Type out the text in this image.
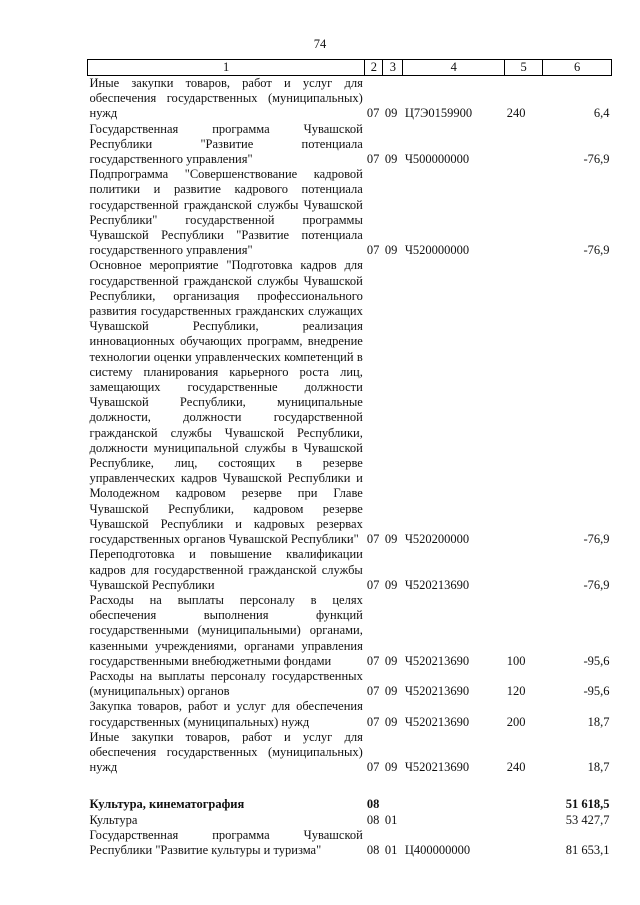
74
1	2	3	4	5	6
Иные закупки товаров, работ и услуг для обеспечения государственных (муниципальных) нужд	07	09	Ц7Э0159900	240	6,4
Государственная программа Чувашской Республики "Развитие потенциала государственного управления"	07	09	Ч500000000		-76,9
Подпрограмма "Совершенствование кадровой политики и развитие кадрового потенциала государственной гражданской службы Чувашской Республики" государственной программы Чувашской Республики "Развитие потенциала государственного управления"	07	09	Ч520000000		-76,9
Основное мероприятие "Подготовка кадров для государственной гражданской службы Чувашской Республики, организация профессионального развития государственных гражданских служащих Чувашской Республики, реализация инновационных обучающих программ, внедрение технологии оценки управленческих компетенций в систему планирования карьерного роста лиц, замещающих государственные должности Чувашской Республики, муниципальные должности, должности государственной гражданской службы Чувашской Республики, должности муниципальной службы в Чувашской Республике, лиц, состоящих в резерве управленческих кадров Чувашской Республики и Молодежном кадровом резерве при Главе Чувашской Республики, кадровом резерве Чувашской Республики и кадровых резервах государственных органов Чувашской Республики"	07	09	Ч520200000		-76,9
Переподготовка и повышение квалификации кадров для государственной гражданской службы Чувашской Республики	07	09	Ч520213690		-76,9
Расходы на выплаты персоналу в целях обеспечения выполнения функций государственными (муниципальными) органами, казенными учреждениями, органами управления государственными внебюджетными фондами	07	09	Ч520213690	100	-95,6
Расходы на выплаты персоналу государственных (муниципальных) органов	07	09	Ч520213690	120	-95,6
Закупка товаров, работ и услуг для обеспечения государственных (муниципальных) нужд	07	09	Ч520213690	200	18,7
Иные закупки товаров, работ и услуг для обеспечения государственных (муниципальных) нужд	07	09	Ч520213690	240	18,7

Культура, кинематография	08				51 618,5
Культура	08	01			53 427,7
Государственная программа Чувашской Республики "Развитие культуры и туризма"	08	01	Ц400000000		81 653,1
